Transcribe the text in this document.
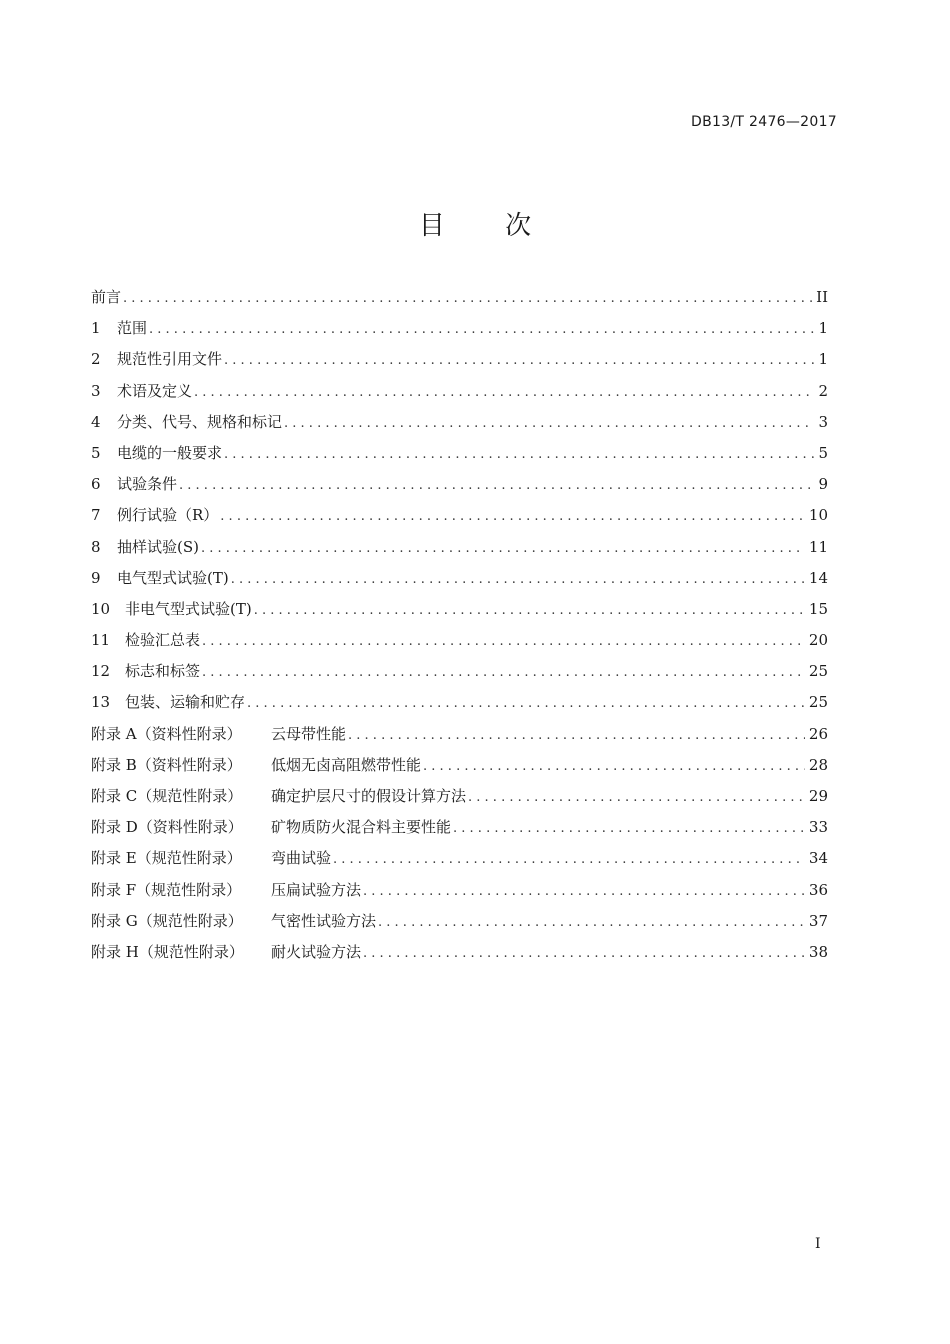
DB13/T 2476—2017
目 次
前言 . . .	II
1	范围 . . .	1
2	规范性引用文件 . . .	1
3	术语及定义 . . .	2
4	分类、代号、规格和标记 . . .	3
5	电缆的一般要求 . . .	5
6	试验条件 . . .	9
7	例行试验（R） . . .	10
8	抽样试验(S) . . .	11
9	电气型式试验(T) . . .	14
10 非电气型式试验(T) . . .	15
11 检验汇总表 . . .	20
12 标志和标签 . . .	25
13 包装、运输和贮存 . . .	25
附录 A（资料性附录）	云母带性能 . . .	26
附录 B（资料性附录）	低烟无卤高阻燃带性能 . . .	28
附录 C（规范性附录）	确定护层尺寸的假设计算方法 . . .	29
附录 D（资料性附录）	矿物质防火混合料主要性能 . . .	33
附录 E（规范性附录）	弯曲试验 . . .	34
附录 F（规范性附录）	压扁试验方法 . . .	36
附录 G（规范性附录）	气密性试验方法 . . .	37
附录 H（规范性附录）	耐火试验方法 . . .	38
I
